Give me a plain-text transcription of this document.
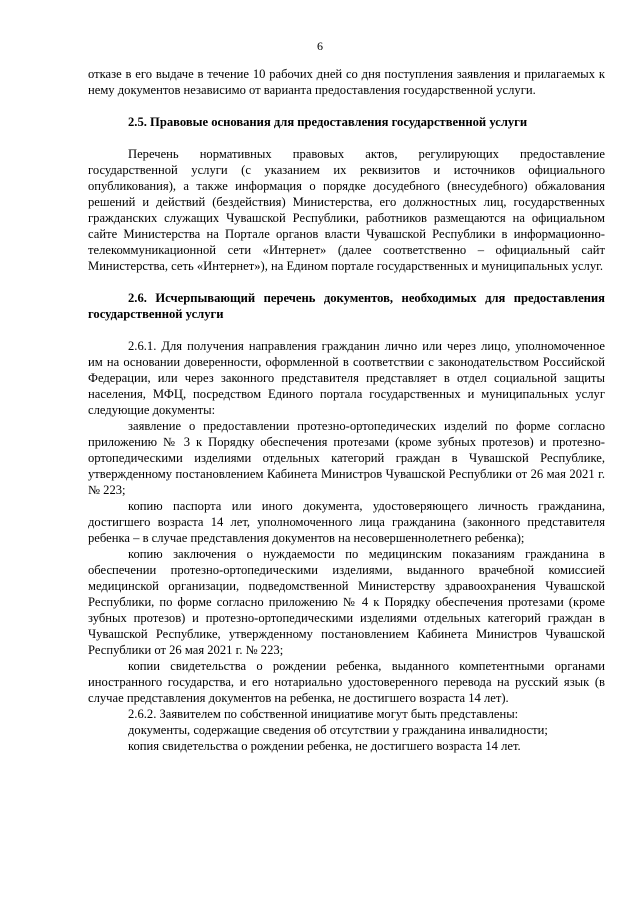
6

отказе в его выдаче в течение 10 рабочих дней со дня поступления заявления и прилагаемых к нему документов независимо от варианта предоставления государственной услуги.

2.5. Правовые основания для предоставления государственной услуги

Перечень нормативных правовых актов, регулирующих предоставление государственной услуги (с указанием их реквизитов и источников официального опубликования), а также информация о порядке досудебного (внесудебного) обжалования решений и действий (бездействия) Министерства, его должностных лиц, государственных гражданских служащих Чувашской Республики, работников размещаются на официальном сайте Министерства на Портале органов власти Чувашской Республики в информационно-телекоммуникационной сети «Интернет» (далее соответственно – официальный сайт Министерства, сеть «Интернет»), на Едином портале государственных и муниципальных услуг.

2.6. Исчерпывающий перечень документов, необходимых для предоставления государственной услуги

2.6.1. Для получения направления гражданин лично или через лицо, уполномоченное им на основании доверенности, оформленной в соответствии с законодательством Российской Федерации, или через законного представителя представляет в отдел социальной защиты населения, МФЦ, посредством Единого портала государственных и муниципальных услуг следующие документы:

заявление о предоставлении протезно-ортопедических изделий по форме согласно приложению № 3 к Порядку обеспечения протезами (кроме зубных протезов) и протезно-ортопедическими изделиями отдельных категорий граждан в Чувашской Республике, утвержденному постановлением Кабинета Министров Чувашской Республики от 26 мая 2021 г. № 223;

копию паспорта или иного документа, удостоверяющего личность гражданина, достигшего возраста 14 лет, уполномоченного лица гражданина (законного представителя ребенка – в случае представления документов на несовершеннолетнего ребенка);

копию заключения о нуждаемости по медицинским показаниям гражданина в обеспечении протезно-ортопедическими изделиями, выданного врачебной комиссией медицинской организации, подведомственной Министерству здравоохранения Чувашской Республики, по форме согласно приложению № 4 к Порядку обеспечения протезами (кроме зубных протезов) и протезно-ортопедическими изделиями отдельных категорий граждан в Чувашской Республике, утвержденному постановлением Кабинета Министров Чувашской Республики от 26 мая 2021 г. № 223;

копии свидетельства о рождении ребенка, выданного компетентными органами иностранного государства, и его нотариально удостоверенного перевода на русский язык (в случае представления документов на ребенка, не достигшего возраста 14 лет).

2.6.2. Заявителем по собственной инициативе могут быть представлены:

документы, содержащие сведения об отсутствии у гражданина инвалидности;

копия свидетельства о рождении ребенка, не достигшего возраста 14 лет.
